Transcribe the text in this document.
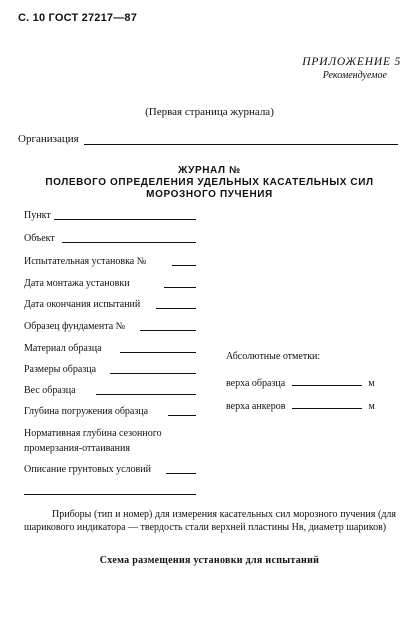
С. 10 ГОСТ 27217—87
ПРИЛОЖЕНИЕ 5
Рекомендуемое
(Первая страница журнала)
Организация
ЖУРНАЛ №
ПОЛЕВОГО ОПРЕДЕЛЕНИЯ УДЕЛЬНЫХ КАСАТЕЛЬНЫХ СИЛ
МОРОЗНОГО ПУЧЕНИЯ
Пункт
Объект
Испытательная установка №
Дата монтажа установки
Дата окончания испытаний
Образец фундамента №
Материал образца
Размеры образца
Вес образца
Глубина погружения образца
Нормативная глубина сезонного
промерзания-оттаивания
Описание грунтовых условий
Абсолютные отметки:
верха образца	м
верха анкеров	м
Приборы (тип и номер) для измерения касательных сил морозного пучения (для шарикового индикатора — твердость стали верхней пластины Нв, диаметр шариков)
Схема размещения установки для испытаний
